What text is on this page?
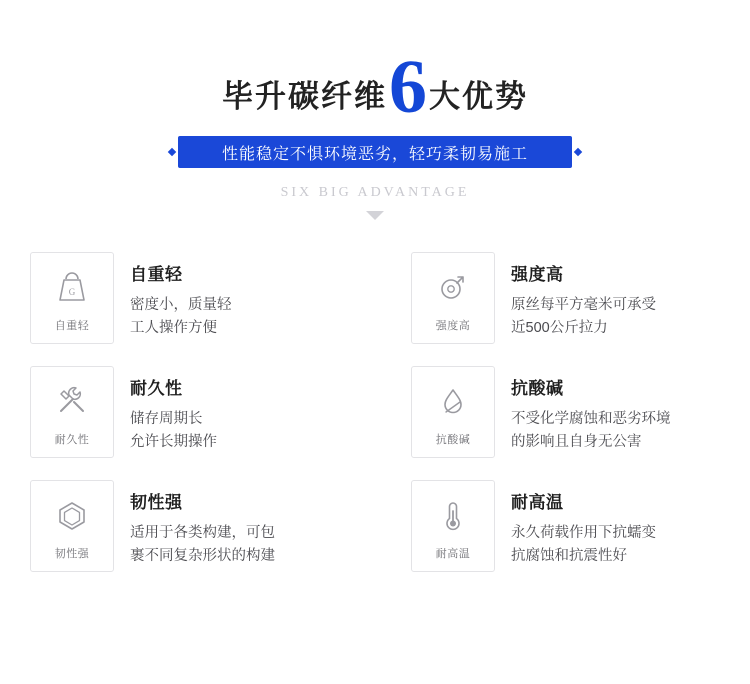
毕升碳纤维 6 大优势
性能稳定不惧环境恶劣，轻巧柔韧易施工
SIX BIG ADVANTAGE
G
自重轻
自重轻
密度小，质量轻
工人操作方便	强度高
强度高
原丝每平方毫米可承受
近500公斤拉力
耐久性
耐久性
储存周期长
允许长期操作	抗酸碱
抗酸碱
不受化学腐蚀和恶劣环境
的影响且自身无公害
韧性强
韧性强
适用于各类构建，可包
裹不同复杂形状的构建	耐高温
耐高温
永久荷载作用下抗蠕变
抗腐蚀和抗震性好
